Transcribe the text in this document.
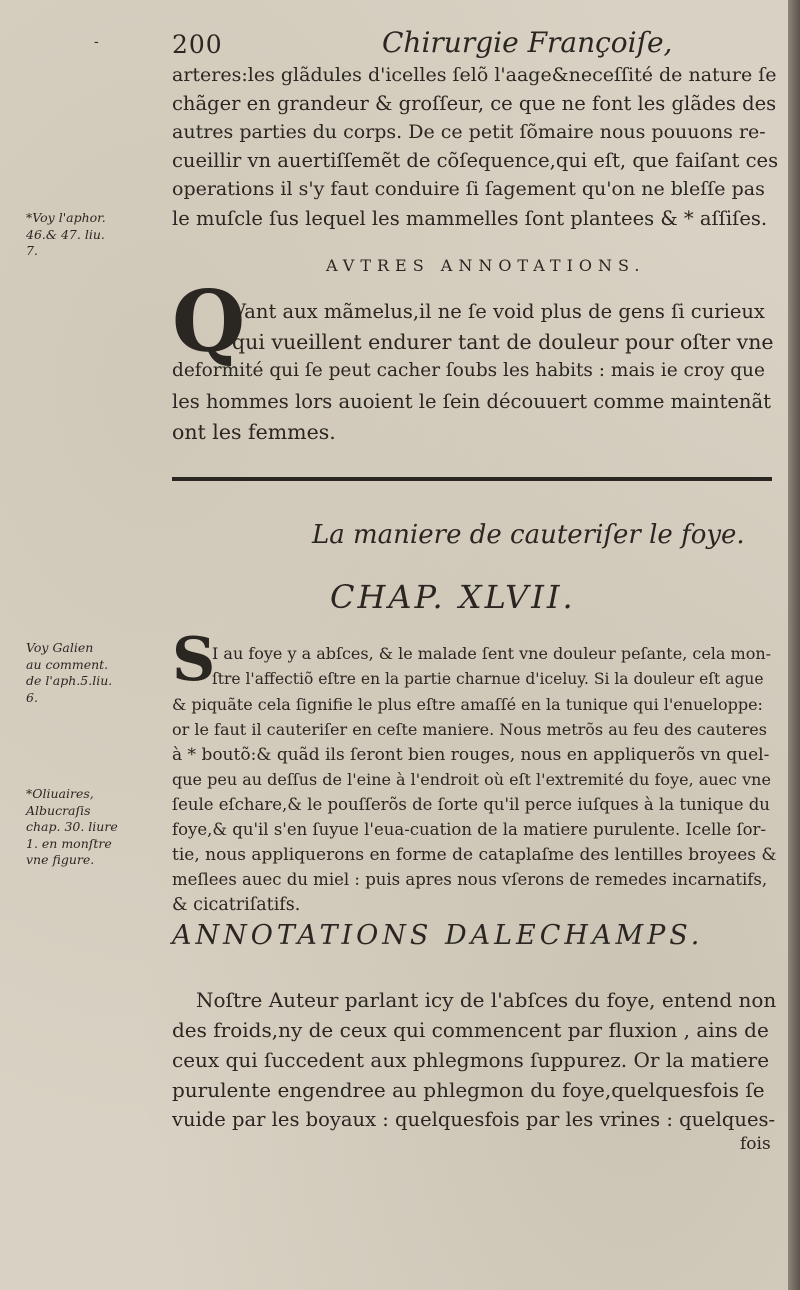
-	200	Chirurgie Françoiſe,
arteres:les glãdules d'icelles ſelõ l'aage&neceſſité de nature ſe
chãger en grandeur & groſſeur, ce que ne font les glãdes des
autres parties du corps. De ce petit ſõmaire nous pouuons re-
cueillir vn auertiſſemẽt de cõſequence,qui eſt, que faiſant ces
operations il s'y faut conduire ſi ſagement qu'on ne bleſſe pas
le muſcle ſus lequel les mammelles ſont plantees & * aſſiſes.
*Voy l'aphor.
46.& 47. liu.
7.
AVTRES ANNOTATIONS.
Q
Vant aux mãmelus,il ne ſe void plus de gens ſi curieux
qui vueillent endurer tant de douleur pour oſter vne
deformité qui ſe peut cacher ſoubs les habits : mais ie croy que
les hommes lors auoient le ſein découuert comme maintenãt
ont les femmes.
La maniere de cauteriſer le foye.
CHAP. XLVII.
Voy Galien
au comment.
de l'aph.5.liu.
6.
S
I au foye y a abſces, & le malade ſent vne douleur peſante, cela mon-
ſtre l'affectiõ eſtre en la partie charnue d'iceluy. Si la douleur eſt ague
& piquãte cela ſignifie le plus eſtre amaſſé en la tunique qui l'enueloppe:
or le faut il cauteriſer en ceſte maniere. Nous metrõs au feu des cauteres
à * boutõ:& quãd ils ſeront bien rouges, nous en appliquerõs vn quel-
que peu au deſſus de l'eine à l'endroit où eſt l'extremité du foye, auec vne
ſeule eſchare,& le pouſſerõs de ſorte qu'il perce iuſques à la tunique du
foye,& qu'il s'en ſuyue l'eua-cuation de la matiere purulente. Icelle ſor-
tie, nous appliquerons en forme de cataplaſme des lentilles broyees &
meſlees auec du miel : puis apres nous vſerons de remedes incarnatifs,
& cicatriſatifs.
*Oliuaires,
Albucraſis
chap. 30. liure
1. en monſtre
vne figure.
ANNOTATIONS DALECHAMPS.
Noſtre Auteur parlant icy de l'abſces du foye, entend non
des froids,ny de ceux qui commencent par fluxion , ains de
ceux qui ſuccedent aux phlegmons ſuppurez. Or la matiere
purulente engendree au phlegmon du foye,quelquesfois ſe
vuide par les boyaux : quelquesfois par les vrines : quelques-
fois
